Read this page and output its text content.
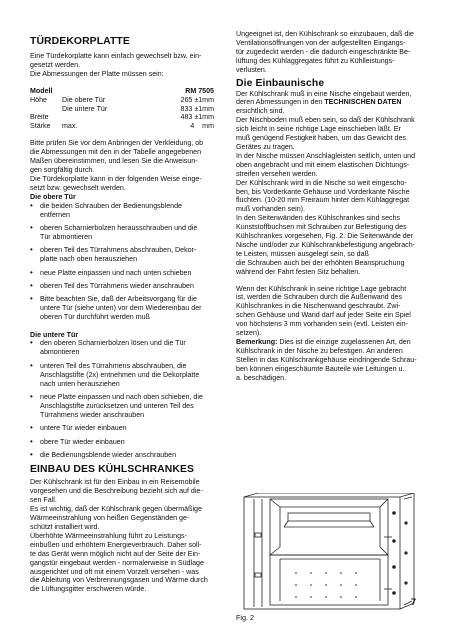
TÜRDEKORPLATTE

Eine Türdekorplatte kann einfach gewechselt bzw. ein-

gesetzt werden.

Die Abmessungen der Platte müssen sein:

Modell		RM 7505
Höhe	Die obere Tür	265 ±1mm
	Die untere Tür	833 ±1mm
Breite		483 ±1mm
Stärke	max.	4    mm

Bitte prüfen Sie vor dem Anbringen der Verkleidung, ob

die Abmessungen mit den in der Tabelle angegebenen

Maßen übereinstimmen, und lesen Sie die Anweisun-

gen sorgfältig durch.

Die Türdekorplatte kann in der folgenden Weise einge-

setzt bzw. gewechselt werden.

Die obere Tür

• die beiden Schrauben der Bedienungsblende
entfernen
• oberen Scharnierbolzen herausschrauben und die
Tür abmontieren
• oberen Teil des Türrahmens abschrauben, Dekor-
platte nach oben herausziehen
• neue Platte einpassen und nach unten schieben
• oberen Teil des Türrahmens wieder anschrauben
• Bitte beachten Sie, daß der Arbeitsvorgang für die
untere Tür (siehe unten) vor dem Wiedereinbau der
oberen Tür durchführt werden muß

Die untere Tür

• den oberen Scharnierbolzen lösen und die Tür
abmontieren
• unteren Teil des Türrahmens abschrauben, die
Anschlagstifte (2x) entnehmen und die Dekorplatte
nach unten herausziehen
• neue Platte einpassen und nach oben schieben, die
Anschlagstifte zurücksetzen und unteren Teil des
Türrahmens wieder anschrauben
• untere Tür wieder einbauen
• obere Tür wieder einbauen
• die Bedienungsblende wieder anschrauben
EINBAU DES KÜHLSCHRANKES

Der Kühlschrank ist für den Einbau in ein Reisemobile

vorgesehen und die Beschreibung bezieht sich auf die-

sen Fall.

Es ist wichtig, daß der Kühlschrank gegen übermäßige

Wärmeeinstrahlung von heißen Gegenständen ge-

schützt installiert wird.

Überhöhte Wärmeeinstrahlung führt zu Leistungs-

einbußen und erhöhtem Energieverbrauch. Daher soll-

te das Gerät wenn möglich nicht auf der Seite der Ein-

gangstür eingebaut werden - normalerweise in Südlage

ausgerichtet und oft mit einem Vorzelt versehen - was

die Ableitung von Verbrennungsgasen und Wärme durch

die Lüftungsgitter erschweren würde.

Ungeeignet ist, den Kühlschrank so einzubauen, daß die

Ventilationsöffnungen von der aufgestellten Eingangs-

tür zugedeckt werden - die dadurch eingeschränkte Be-

lüftung des Kühlaggregates führt zu Kühlleistungs-

verlusten.

Die Einbaunische

Der Kühlschrank muß in eine Nische eingebaut werden,

deren Abmessungen in den TECHNISCHEN DATEN

ersichtlich sind.

Der Nischboden muß eben sein, so daß der Kühlschrank

sich leicht in seine richtige Lage einschieben läßt. Er

muß genügend Festigkeit haben, um das Gewicht des

Gerätes zu tragen.

In der Nische müssen Anschlagleisten seitlich, unten und

oben angebracht und mit einem elastischen Dichtungs-

streifen versehen werden.

Der Kühlschrank wird in die Nische so weit eingescho-

ben, bis Vorderkante Gehäuse und Vorderkante Nische

fluchten. (10-20 mm Freiraum hinter dem Kühlaggregat

muß vorhanden sein).

In den Seitenwänden des Kühlschrankes sind sechs

Kunststoffbuchsen mit Schrauben zur Befestigung des

Kühlschrankes vorgesehen, Fig. 2. Die Seitenwände der

Nische und/oder zur Kühlschrankbefestigung angebrach-

te Leisten, müssen ausgelegt sein, so daß

die Schrauben auch bei der erhöhten Beanspruchung

während der Fahrt festen Sitz behalten.

Wenn der Kühlschrank in seine richtige Lage gebracht

ist, werden die Schrauben durch die Außenwand des

Kühlschrankes in die Nischenwand geschraubt. Zwi-

schen Gehäuse und Wand darf auf jeder Seite ein Spiel

von höchstens 3 mm vorhanden sein (evtl. Leisten ein-

setzen).

Bemerkung: Dies ist die einzige zugelassenen Art, den

Kühlschrank in der Nische zu befestigen. An anderen

Stellen in das Kühlschrankgehäuse eindringende Schrau-

ben können eingeschäumte Bauteile wie Leitungen u.

a. beschädigen.

Fig. 2
7
